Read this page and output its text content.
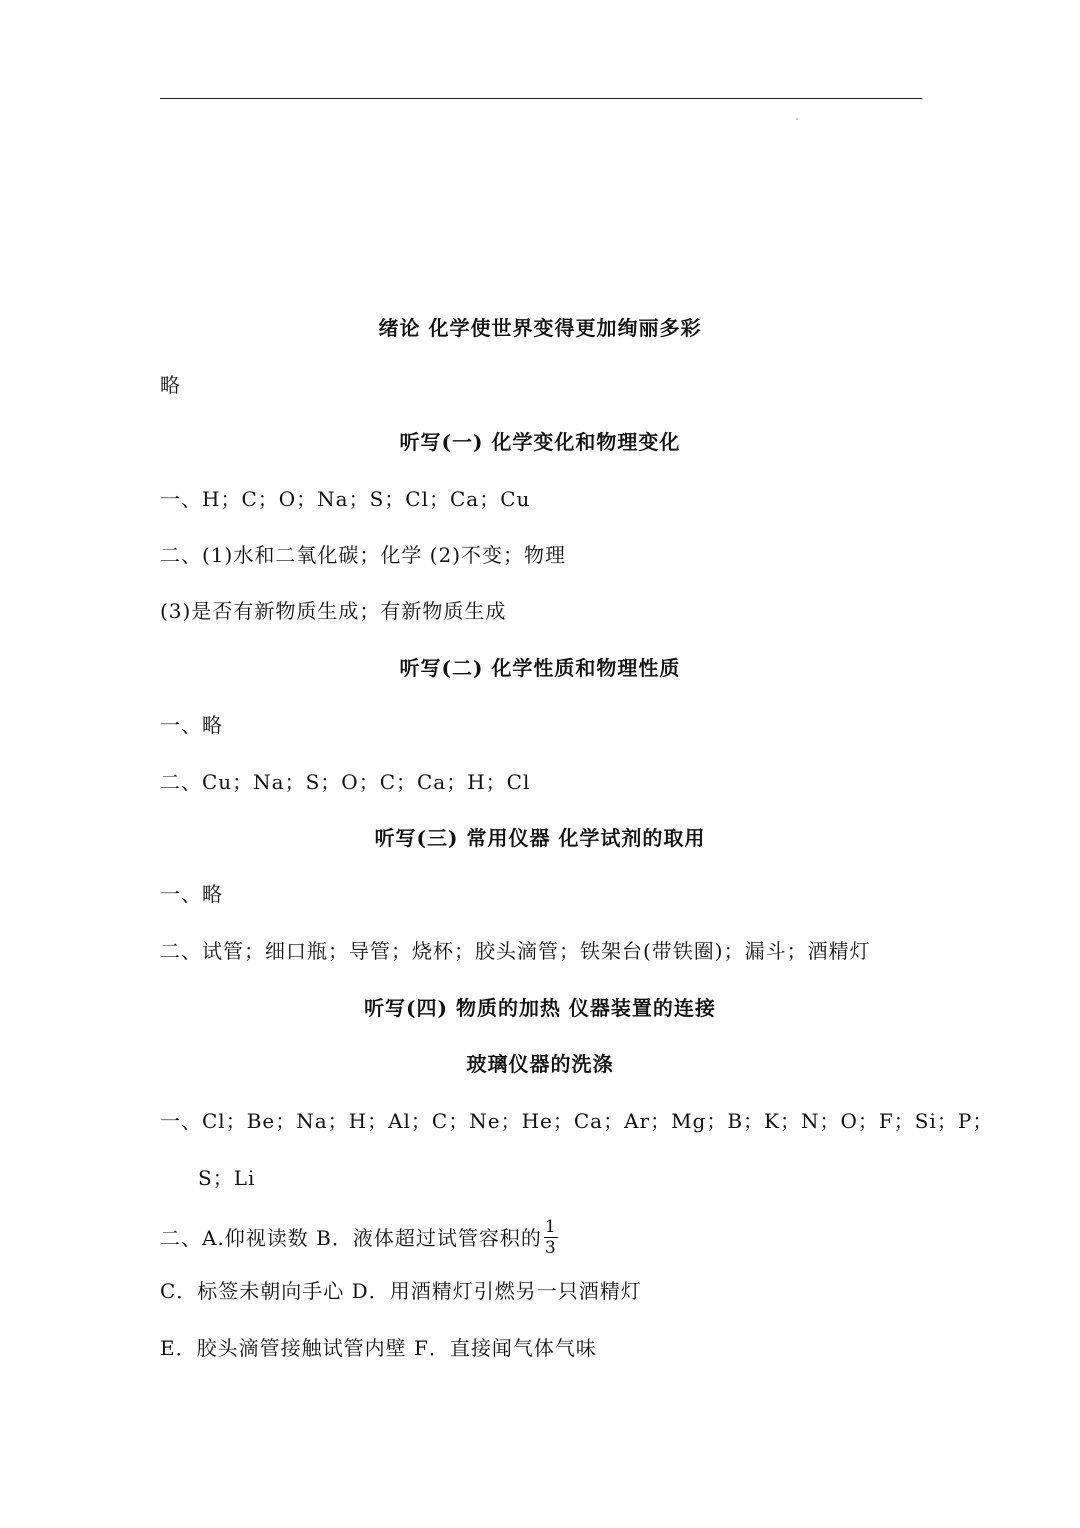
绪论 化学使世界变得更加绚丽多彩
略
听写(一) 化学变化和物理变化
一、H；C；O；Na；S；Cl；Ca；Cu
二、(1)水和二氧化碳；化学 (2)不变；物理
(3)是否有新物质生成；有新物质生成
听写(二) 化学性质和物理性质
一、略
二、Cu；Na；S；O；C；Ca；H；Cl
听写(三) 常用仪器 化学试剂的取用
一、略
二、试管；细口瓶；导管；烧杯；胶头滴管；铁架台(带铁圈)；漏斗；酒精灯
听写(四) 物质的加热 仪器装置的连接
玻璃仪器的洗涤
一、Cl；Be；Na；H；Al；C；Ne；He；Ca；Ar；Mg；B；K；N；O；F；Si；P；
S；Li
二、A.仰视读数 B．液体超过试管容积的 $\frac{1}{3}$
C．标签未朝向手心 D．用酒精灯引燃另一只酒精灯
E．胶头滴管接触试管内壁 F．直接闻气体气味
